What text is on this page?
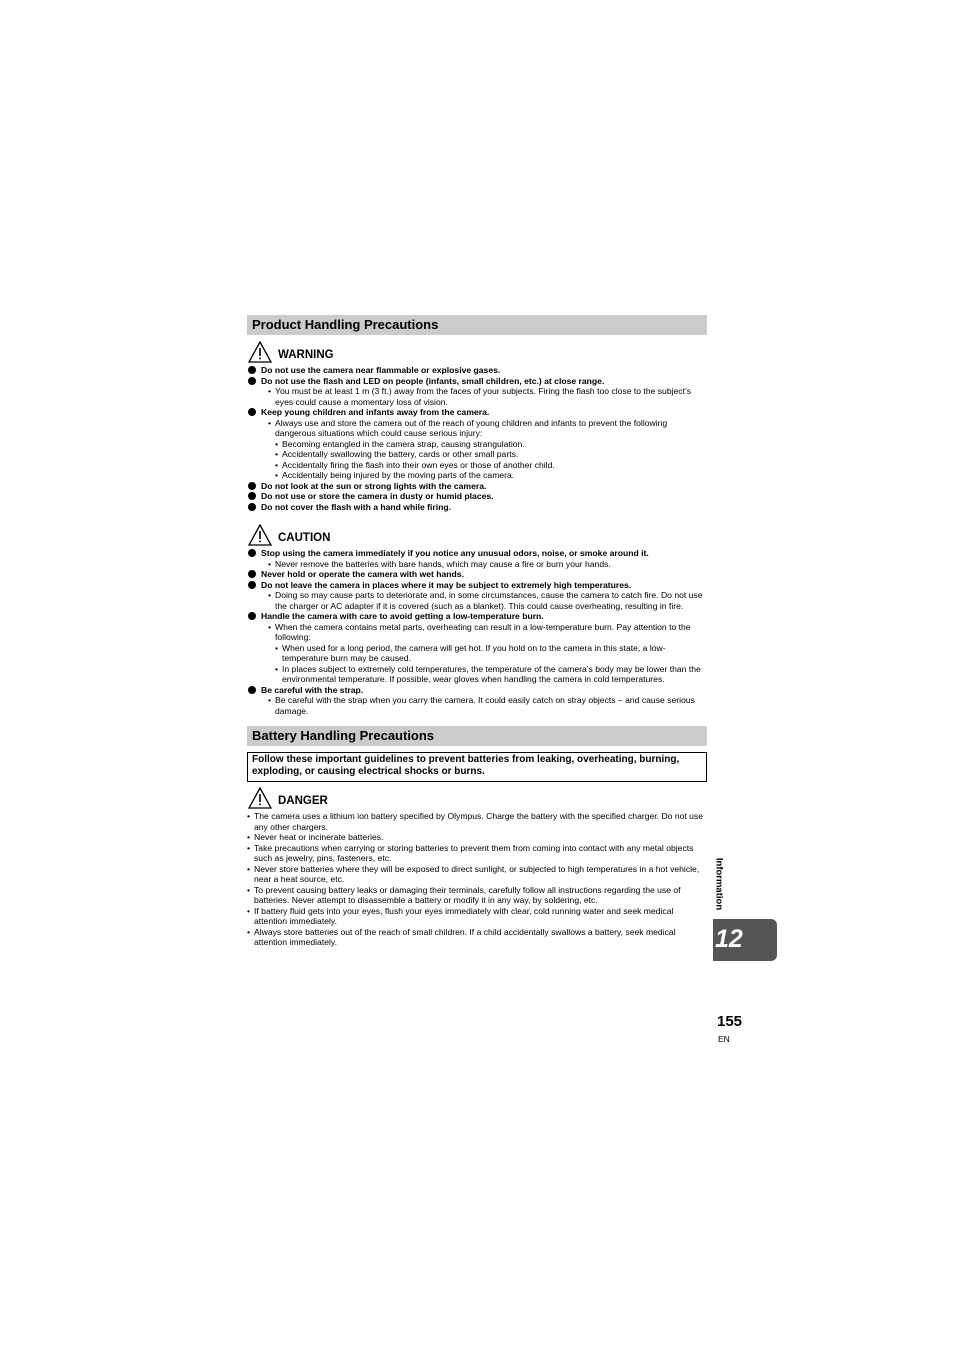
Product Handling Precautions
WARNING
Do not use the camera near flammable or explosive gases.
Do not use the flash and LED on people (infants, small children, etc.) at close range.
• You must be at least 1 m (3 ft.) away from the faces of your subjects. Firing the flash too close to the subject’s eyes could cause a momentary loss of vision.
Keep young children and infants away from the camera.
• Always use and store the camera out of the reach of young children and infants to prevent the following dangerous situations which could cause serious injury:
• Becoming entangled in the camera strap, causing strangulation.
• Accidentally swallowing the battery, cards or other small parts.
• Accidentally firing the flash into their own eyes or those of another child.
• Accidentally being injured by the moving parts of the camera.
Do not look at the sun or strong lights with the camera.
Do not use or store the camera in dusty or humid places.
Do not cover the flash with a hand while firing.
CAUTION
Stop using the camera immediately if you notice any unusual odors, noise, or smoke around it.
• Never remove the batteries with bare hands, which may cause a fire or burn your hands.
Never hold or operate the camera with wet hands.
Do not leave the camera in places where it may be subject to extremely high temperatures.
• Doing so may cause parts to deteriorate and, in some circumstances, cause the camera to catch fire. Do not use the charger or AC adapter if it is covered (such as a blanket). This could cause overheating, resulting in fire.
Handle the camera with care to avoid getting a low-temperature burn.
• When the camera contains metal parts, overheating can result in a low-temperature burn. Pay attention to the following:
• When used for a long period, the camera will get hot. If you hold on to the camera in this state, a low-temperature burn may be caused.
• In places subject to extremely cold temperatures, the temperature of the camera’s body may be lower than the environmental temperature. If possible, wear gloves when handling the camera in cold temperatures.
Be careful with the strap.
• Be careful with the strap when you carry the camera. It could easily catch on stray objects – and cause serious damage.
Battery Handling Precautions
Follow these important guidelines to prevent batteries from leaking, overheating, burning, exploding, or causing electrical shocks or burns.
DANGER
• The camera uses a lithium ion battery specified by Olympus. Charge the battery with the specified charger. Do not use any other chargers.
• Never heat or incinerate batteries.
• Take precautions when carrying or storing batteries to prevent them from coming into contact with any metal objects such as jewelry, pins, fasteners, etc.
• Never store batteries where they will be exposed to direct sunlight, or subjected to high temperatures in a hot vehicle, near a heat source, etc.
• To prevent causing battery leaks or damaging their terminals, carefully follow all instructions regarding the use of batteries. Never attempt to disassemble a battery or modify it in any way, by soldering, etc.
• If battery fluid gets into your eyes, flush your eyes immediately with clear, cold running water and seek medical attention immediately.
• Always store batteries out of the reach of small children. If a child accidentally swallows a battery, seek medical attention immediately.
Information
12
155
EN
